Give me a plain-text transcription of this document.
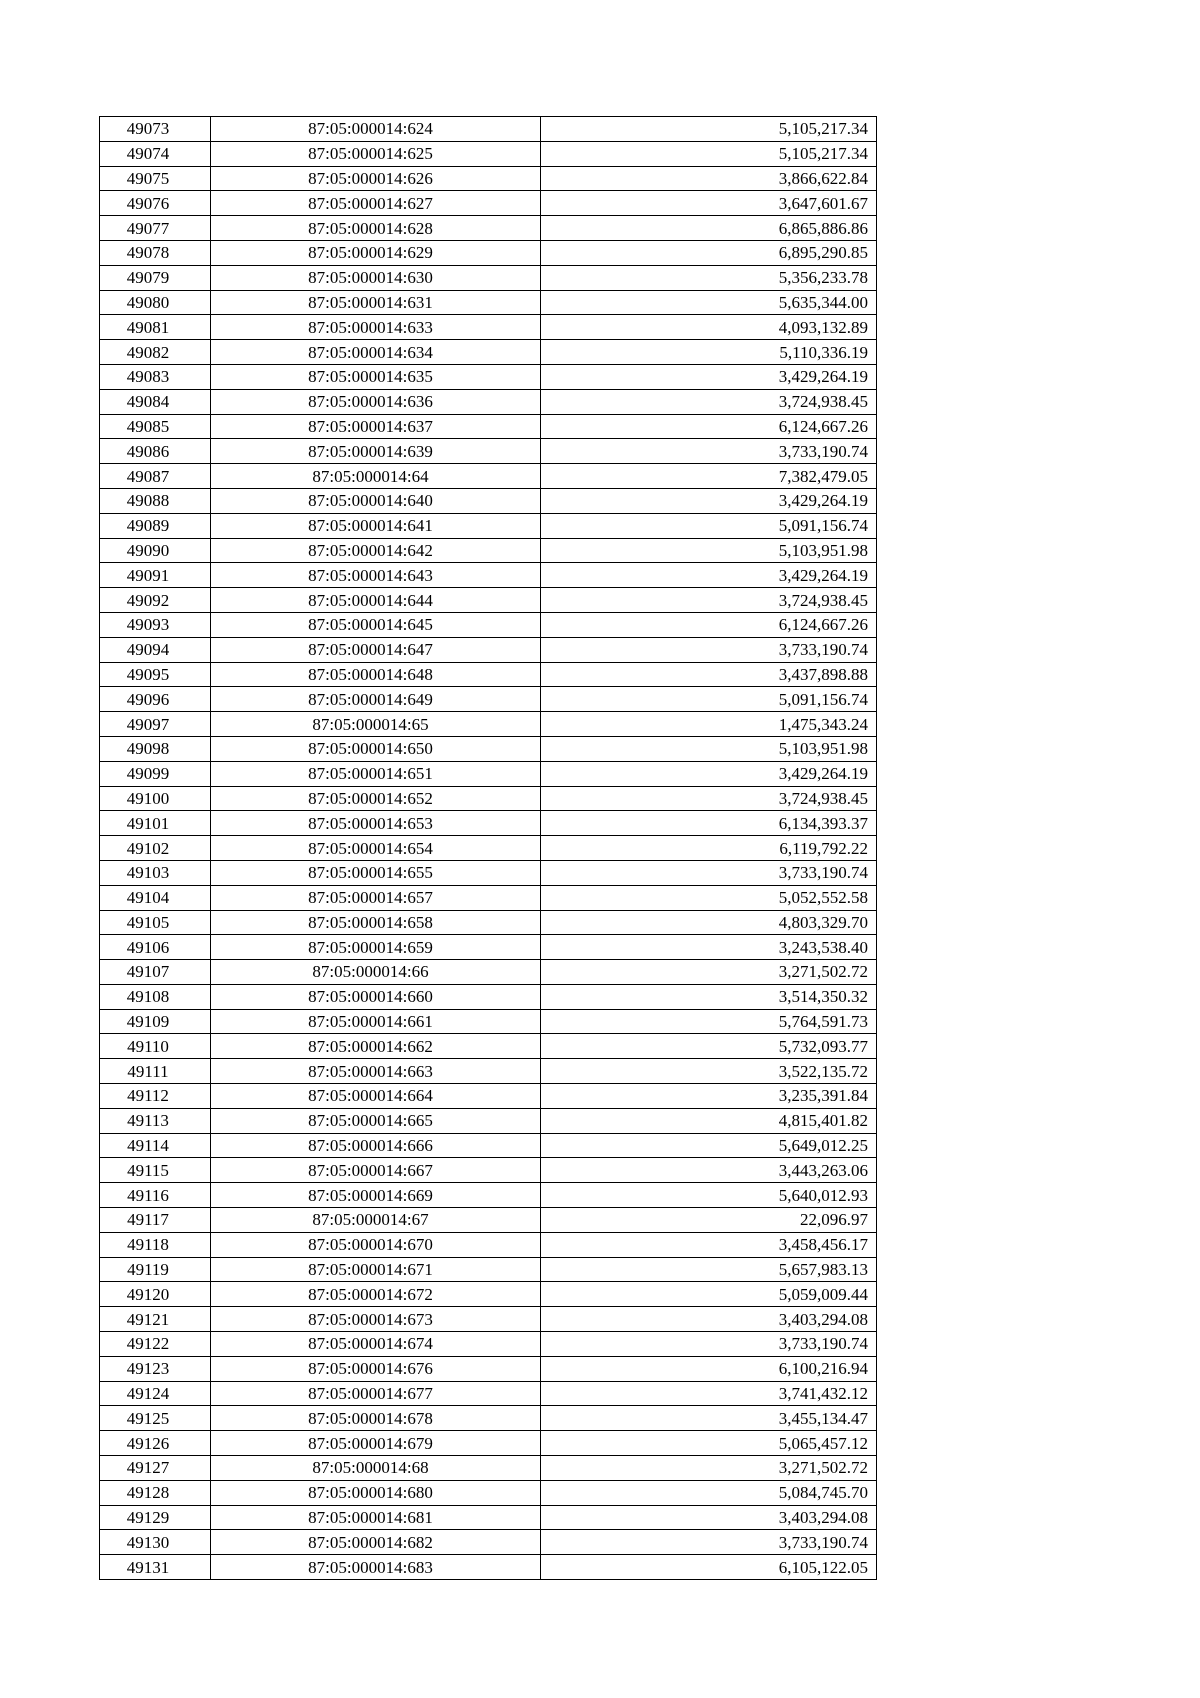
49073	87:05:000014:624	5,105,217.34
49074	87:05:000014:625	5,105,217.34
49075	87:05:000014:626	3,866,622.84
49076	87:05:000014:627	3,647,601.67
49077	87:05:000014:628	6,865,886.86
49078	87:05:000014:629	6,895,290.85
49079	87:05:000014:630	5,356,233.78
49080	87:05:000014:631	5,635,344.00
49081	87:05:000014:633	4,093,132.89
49082	87:05:000014:634	5,110,336.19
49083	87:05:000014:635	3,429,264.19
49084	87:05:000014:636	3,724,938.45
49085	87:05:000014:637	6,124,667.26
49086	87:05:000014:639	3,733,190.74
49087	87:05:000014:64	7,382,479.05
49088	87:05:000014:640	3,429,264.19
49089	87:05:000014:641	5,091,156.74
49090	87:05:000014:642	5,103,951.98
49091	87:05:000014:643	3,429,264.19
49092	87:05:000014:644	3,724,938.45
49093	87:05:000014:645	6,124,667.26
49094	87:05:000014:647	3,733,190.74
49095	87:05:000014:648	3,437,898.88
49096	87:05:000014:649	5,091,156.74
49097	87:05:000014:65	1,475,343.24
49098	87:05:000014:650	5,103,951.98
49099	87:05:000014:651	3,429,264.19
49100	87:05:000014:652	3,724,938.45
49101	87:05:000014:653	6,134,393.37
49102	87:05:000014:654	6,119,792.22
49103	87:05:000014:655	3,733,190.74
49104	87:05:000014:657	5,052,552.58
49105	87:05:000014:658	4,803,329.70
49106	87:05:000014:659	3,243,538.40
49107	87:05:000014:66	3,271,502.72
49108	87:05:000014:660	3,514,350.32
49109	87:05:000014:661	5,764,591.73
49110	87:05:000014:662	5,732,093.77
49111	87:05:000014:663	3,522,135.72
49112	87:05:000014:664	3,235,391.84
49113	87:05:000014:665	4,815,401.82
49114	87:05:000014:666	5,649,012.25
49115	87:05:000014:667	3,443,263.06
49116	87:05:000014:669	5,640,012.93
49117	87:05:000014:67	22,096.97
49118	87:05:000014:670	3,458,456.17
49119	87:05:000014:671	5,657,983.13
49120	87:05:000014:672	5,059,009.44
49121	87:05:000014:673	3,403,294.08
49122	87:05:000014:674	3,733,190.74
49123	87:05:000014:676	6,100,216.94
49124	87:05:000014:677	3,741,432.12
49125	87:05:000014:678	3,455,134.47
49126	87:05:000014:679	5,065,457.12
49127	87:05:000014:68	3,271,502.72
49128	87:05:000014:680	5,084,745.70
49129	87:05:000014:681	3,403,294.08
49130	87:05:000014:682	3,733,190.74
49131	87:05:000014:683	6,105,122.05
